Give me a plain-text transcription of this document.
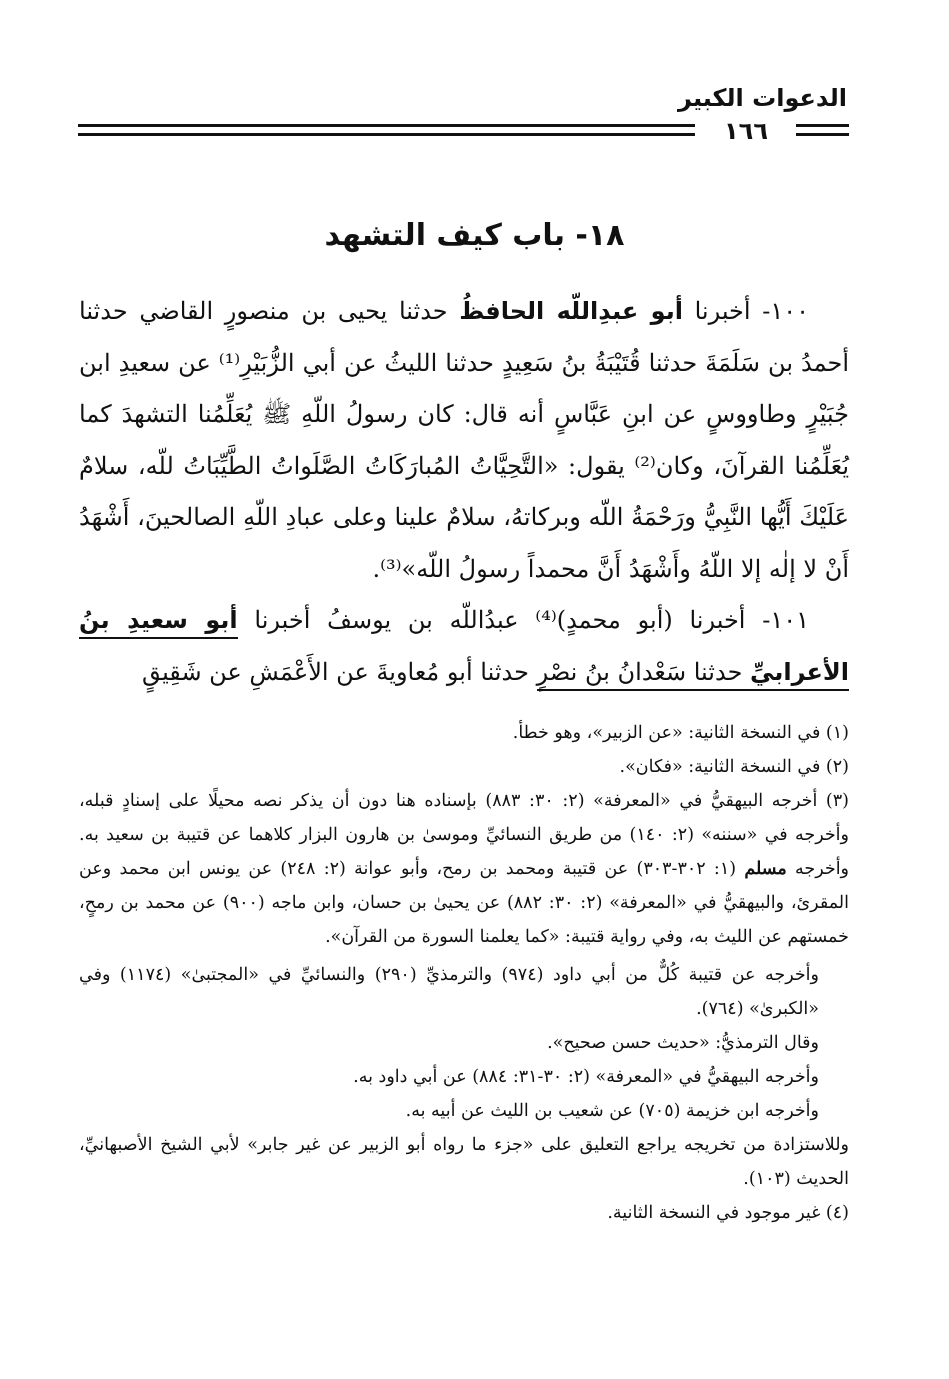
الدعوات الكبير
١٦٦
١٨- باب كيف التشهد

١٠٠- أخبرنا أبو عبدِاللّه الحافظُ حدثنا يحيى بن منصورٍ القاضي حدثنا أحمدُ بن سَلَمَةَ حدثنا قُتَيْبَةُ بنُ سَعِيدٍ حدثنا الليثُ عن أبي الزُّبَيْرِ⁽¹⁾ عن سعيدِ ابن جُبَيْرٍ وطاووسٍ عن ابنِ عَبَّاسٍ أنه قال: كان رسولُ اللّهِ ﷺ يُعَلِّمُنا التشهدَ كما يُعَلِّمُنا القرآنَ، وكان⁽²⁾ يقول: «التَّحِيَّاتُ المُبارَكَاتُ الصَّلَواتُ الطَّيِّبَاتُ للّه، سلامٌ عَلَيْكَ أَيُّها النَّبِيُّ ورَحْمَةُ اللّه وبركاتهُ، سلامٌ علينا وعلى عبادِ اللّهِ الصالحينَ، أَشْهَدُ أَنْ لا إلٰه إلا اللّهُ وأَشْهَدُ أَنَّ محمداً رسولُ اللّه»⁽³⁾.

١٠١- أخبرنا (أبو محمدٍ)⁽⁴⁾ عبدُاللّه بن يوسفُ أخبرنا أبو سعيدِ بنُ الأعرابيِّ حدثنا سَعْدانُ بنُ نصْرٍ حدثنا أبو مُعاويةَ عن الأَعْمَشِ عن شَقِيقٍ

(١) في النسخة الثانية: «عن الزبير»، وهو خطأ.

(٢) في النسخة الثانية: «فكان».

(٣) أخرجه البيهقيُّ في «المعرفة» (٢: ٣٠: ٨٨٣) بإسناده هنا دون أن يذكر نصه محيلًا على إسنادٍ قبله، وأخرجه في «سننه» (٢: ١٤٠) من طريق النسائيِّ وموسىٰ بن هارون البزار كلاهما عن قتيبة بن سعيد به. وأخرجه مسلم (١: ٣٠٢-٣٠٣) عن قتيبة ومحمد بن رمح، وأبو عوانة (٢: ٢٤٨) عن يونس ابن محمد وعن المقرئ، والبيهقيُّ في «المعرفة» (٢: ٣٠: ٨٨٢) عن يحيىٰ بن حسان، وابن ماجه (٩٠٠) عن محمد بن رمحٍ، خمستهم عن الليث به، وفي رواية قتيبة: «كما يعلمنا السورة من القرآن».

وأخرجه عن قتيبة كُلٌّ من أبي داود (٩٧٤) والترمذيِّ (٢٩٠) والنسائيِّ في «المجتبىٰ» (١١٧٤) وفي «الكبرىٰ» (٧٦٤).

وقال الترمذيُّ: «حديث حسن صحيح».

وأخرجه البيهقيُّ في «المعرفة» (٢: ٣٠-٣١: ٨٨٤) عن أبي داود به.

وأخرجه ابن خزيمة (٧٠٥) عن شعيب بن الليث عن أبيه به.

وللاستزادة من تخريجه يراجع التعليق على «جزء ما رواه أبو الزبير عن غير جابر» لأبي الشيخ الأصبهانيِّ، الحديث (١٠٣).

(٤) غير موجود في النسخة الثانية.
